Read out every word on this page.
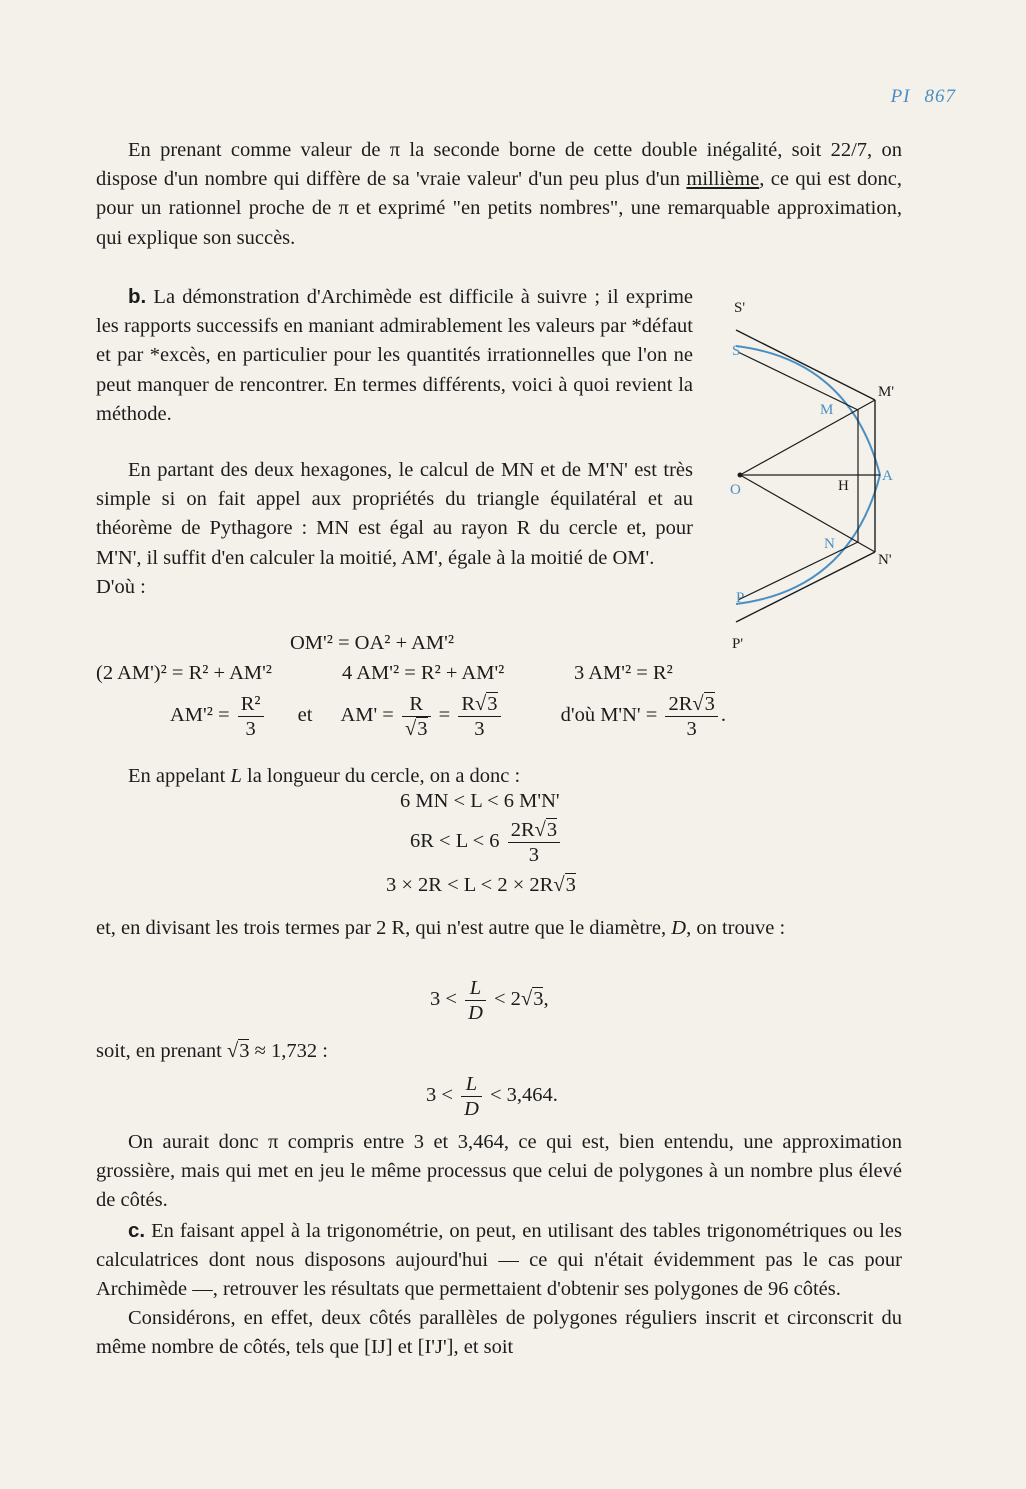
PI 867

En prenant comme valeur de π la seconde borne de cette double inégalité, soit 22/7, on dispose d'un nombre qui diffère de sa 'vraie valeur' d'un peu plus d'un millième, ce qui est donc, pour un rationnel proche de π et exprimé "en petits nombres", une remarquable approximation, qui explique son succès.

b. La démonstration d'Archimède est difficile à suivre ; il exprime les rapports successifs en maniant admirablement les valeurs par *défaut et par *excès, en particulier pour les quantités irrationnelles que l'on ne peut manquer de rencontrer. En termes différents, voici à quoi revient la méthode.

En partant des deux hexagones, le calcul de MN et de M'N' est très simple si on fait appel aux propriétés du triangle équilatéral et au théorème de Pythagore : MN est égal au rayon R du cercle et, pour M'N', il suffit d'en calculer la moitié, AM', égale à la moitié de OM'.

D'où :

S'
S
M'
M
O	H
A
N
N'
P
P'
OM'² = OA² + AM'²
(2 AM')² = R² + AM'²	4 AM'² = R² + AM'²	3 AM'² = R²
$AM'^2 = \frac{\text{R²}}{3}$ et $AM' = \frac{R}{√3} = \frac{R√3}{3}$	d'où $M'N' = \frac{2R√3}{3}$ .

En appelant L la longueur du cercle, on a donc :

6 MN < L < 6 M'N'
$6R < L < 6 \frac{2R√3}{3}$
3 × 2R < L < 2 × 2R√3

et, en divisant les trois termes par 2 R, qui n'est autre que le diamètre, D, on trouve :

$3 < \frac{L}{D} < 2√3$,
soit, en prenant √3 ≈ 1,732 :
$3 < \frac{L}{D} < 3,464$.

On aurait donc π compris entre 3 et 3,464, ce qui est, bien entendu, une approximation grossière, mais qui met en jeu le même processus que celui de polygones à un nombre plus élevé de côtés.

c. En faisant appel à la trigonométrie, on peut, en utilisant des tables trigonométriques ou les calculatrices dont nous disposons aujourd'hui — ce qui n'était évidemment pas le cas pour Archimède —, retrouver les résultats que permettaient d'obtenir ses polygones de 96 côtés.

Considérons, en effet, deux côtés parallèles de polygones réguliers inscrit et circonscrit du même nombre de côtés, tels que [IJ] et [I'J'], et soit
